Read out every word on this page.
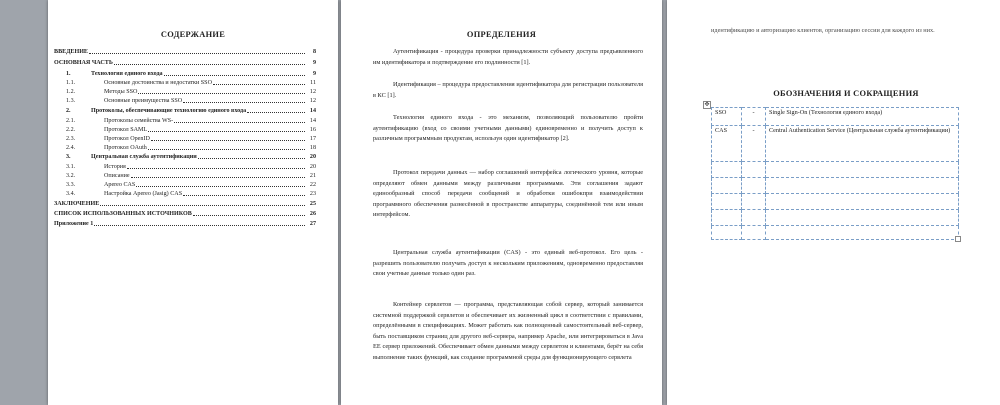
СОДЕРЖАНИЕ
ВВЕДЕНИЕ	8
ОСНОВНАЯ ЧАСТЬ	9
1.	Технология единого входа	9
1.1.	Основные достоинства и недостатки SSO	11
1.2.	Методы SSO	12
1.3.	Основные преимущества SSO	12
2.	Протоколы, обеспечивающие технологию единого входа	14
2.1.	Протоколы семейства WS-	14
2.2.	Протокол SAML	16
2.3.	Протокол OpenID	17
2.4.	Протокол OAuth	18
3.	Центральная служба аутентификации	20
3.1.	История	20
3.2.	Описание	21
3.3.	Apereo CAS	22
3.4.	Настройка Apereo (Jasig) CAS	23
ЗАКЛЮЧЕНИЕ	25
СПИСОК ИСПОЛЬЗОВАННЫХ ИСТОЧНИКОВ	26
Приложение 1	27
ОПРЕДЕЛЕНИЯ
Аутентификация - процедура проверки принадлежности субъекту доступа предъявленного им идентификатора и подтверждение его подлинности [1].
Идентификация – процедура предоставления идентификатора для регистрации пользователя в КС [1].
Технология единого входа - это механизм, позволяющий пользователю пройти аутентификацию (вход со своими учетными данными) единовременно и получить доступ к различным программным продуктам, используя один идентификатор [2].
Протокол передачи данных — набор соглашений интерфейса логического уровня, которые определяют обмен данными между различными программами. Эти соглашения задают единообразный способ передачи сообщений и обработки ошибокпри взаимодействии программного обеспечения разнесённой в пространстве аппаратуры, соединённой тем или иным интерфейсом.
Центральная служба аутентификации (CAS) - это единый веб-протокол. Его цель - разрешить пользователю получать доступ к нескольким приложениям, одновременно предоставляя свои учетные данные только один раз.
Контейнер сервлетов — программа, представляющая собой сервер, который занимается системной поддержкой сервлетов и обеспечивает их жизненный цикл в соответствии с правилами, определёнными в спецификациях. Может работать как полноценный самостоятельный веб-сервер, быть поставщиком страниц для другого веб-сервера, например Apache, или интегрироваться в Java EE сервер приложений. Обеспечивает обмен данными между сервлетом и клиентами, берёт на себя выполнение таких функций, как создание программной среды для функционирующего сервлета
идентификацию и авторизацию клиентов, организацию сессии для каждого из них.
ОБОЗНАЧЕНИЯ И СОКРАЩЕНИЯ
✥
SSO	-	Single Sign-On (Технология единого входа)
CAS	-	Central Authentication Service (Центральная служба аутентификации)
